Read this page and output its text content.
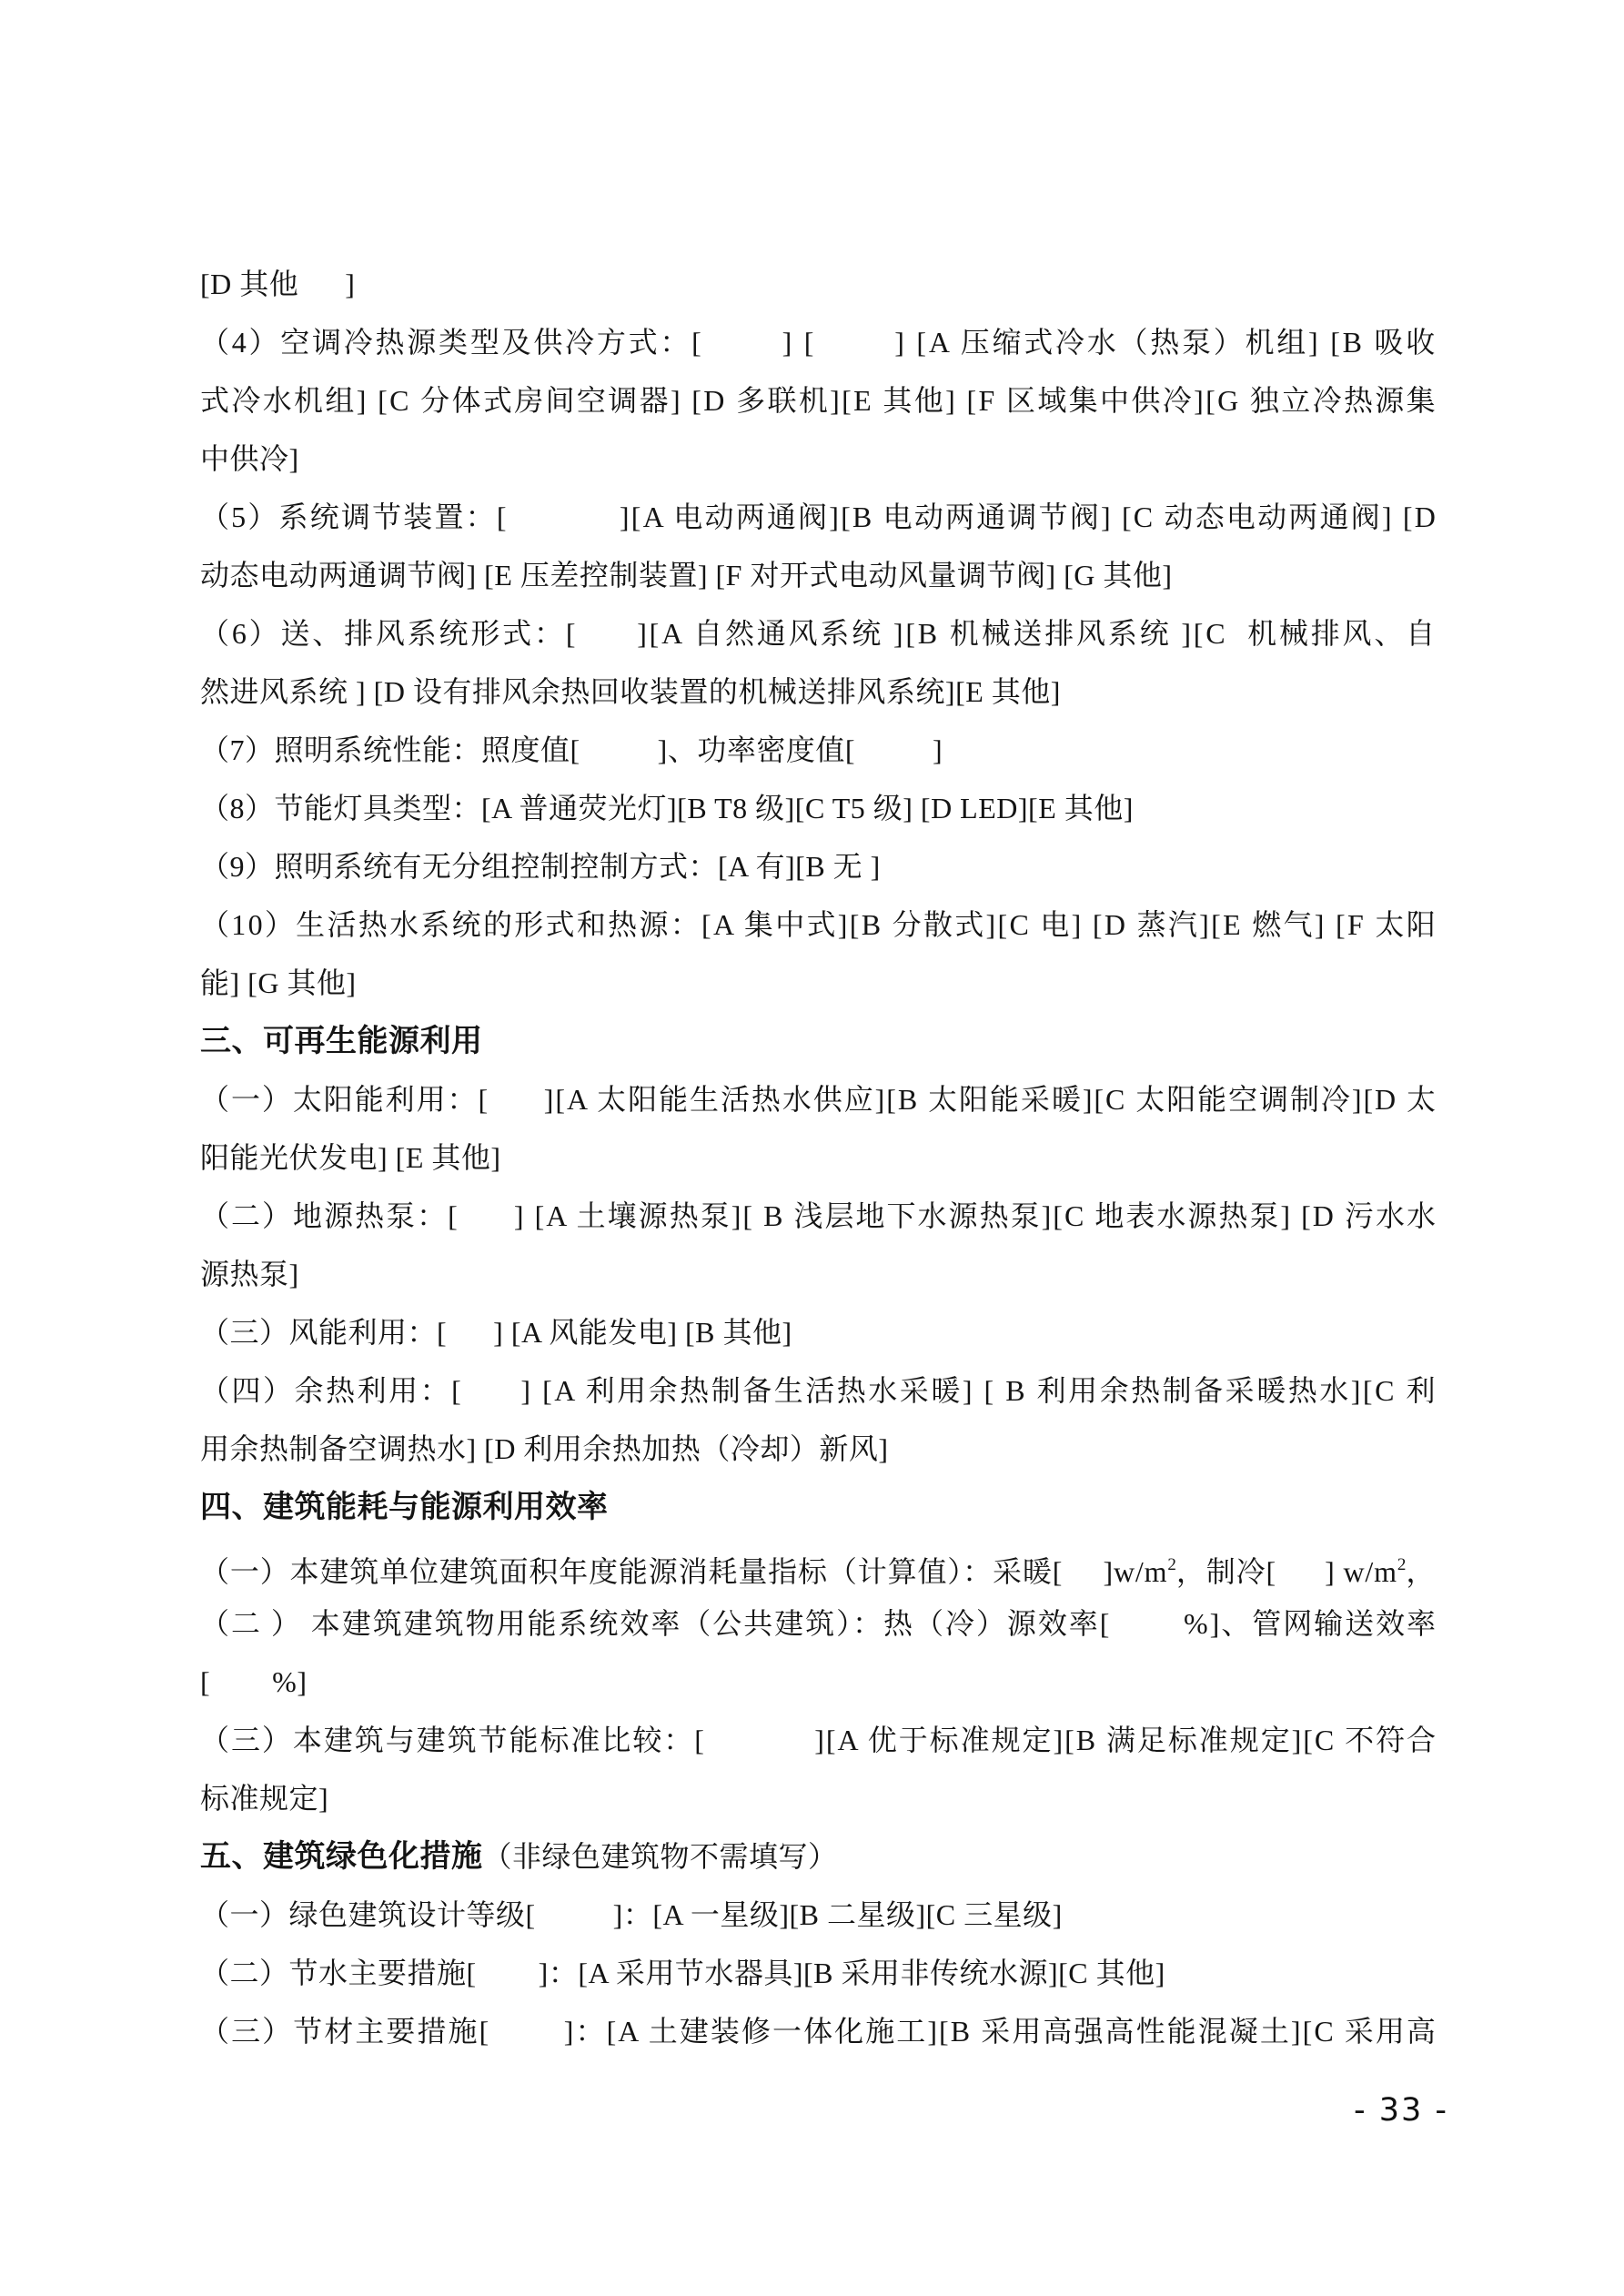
[D 其他      ]
（4）空调冷热源类型及供冷方式：[        ] [        ] [A 压缩式冷水（热泵）机组] [B 吸收
式冷水机组] [C 分体式房间空调器] [D 多联机][E 其他] [F 区域集中供冷][G 独立冷热源集
中供冷]
（5）系统调节装置：[            ][A 电动两通阀][B 电动两通调节阀] [C 动态电动两通阀] [D
动态电动两通调节阀] [E 压差控制装置] [F 对开式电动风量调节阀] [G 其他]
（6）送、排风系统形式：[      ][A 自然通风系统 ][B 机械送排风系统 ][C  机械排风、自
然进风系统 ] [D 设有排风余热回收装置的机械送排风系统][E 其他]
（7）照明系统性能：照度值[          ]、功率密度值[          ]
（8）节能灯具类型：[A 普通荧光灯][B T8 级][C T5 级] [D LED][E 其他]
（9）照明系统有无分组控制控制方式：[A 有][B 无 ]
（10）生活热水系统的形式和热源：[A 集中式][B 分散式][C 电] [D 蒸汽][E 燃气] [F 太阳
能] [G 其他]
三、可再生能源利用
（一）太阳能利用：[      ][A 太阳能生活热水供应][B 太阳能采暖][C 太阳能空调制冷][D 太
阳能光伏发电] [E 其他]
（二）地源热泵：[      ] [A 土壤源热泵][ B 浅层地下水源热泵][C 地表水源热泵] [D 污水水
源热泵]
（三）风能利用：[      ] [A 风能发电] [B 其他]
（四）余热利用：[      ] [A 利用余热制备生活热水采暖] [ B 利用余热制备采暖热水][C 利
用余热制备空调热水] [D 利用余热加热（冷却）新风]
四、建筑能耗与能源利用效率
（一）本建筑单位建筑面积年度能源消耗量指标（计算值）：采暖[     ]$w/m^2$，制冷[      ] $w/m^2$，
（二 ） 本建筑建筑物用能系统效率（公共建筑）：热（冷）源效率[        %]、管网输送效率
[        %]
（三）本建筑与建筑节能标准比较：[            ][A 优于标准规定][B 满足标准规定][C 不符合
标准规定]
五、建筑绿色化措施（非绿色建筑物不需填写）
（一）绿色建筑设计等级[          ]：[A 一星级][B 二星级][C 三星级]
（二）节水主要措施[        ]：[A 采用节水器具][B 采用非传统水源][C 其他]
（三）节材主要措施[        ]：[A 土建装修一体化施工][B 采用高强高性能混凝土][C 采用高
- 33 -
